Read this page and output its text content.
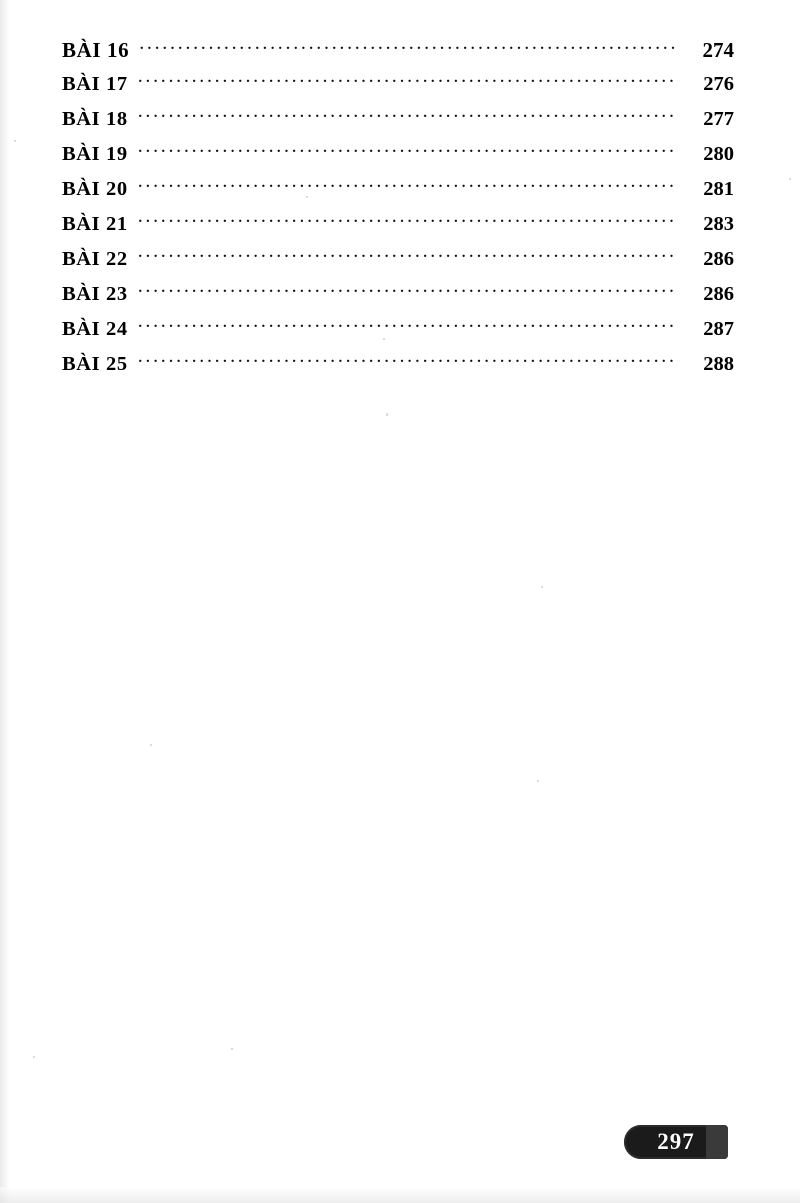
BÀI 16 .....	274
BÀI 17 .....	276
BÀI 18 .....	277
BÀI 19 .....	280
BÀI 20 .....	281
BÀI 21 .....	283
BÀI 22 .....	286
BÀI 23 .....	286
BÀI 24 .....	287
BÀI 25 .....	288
297
